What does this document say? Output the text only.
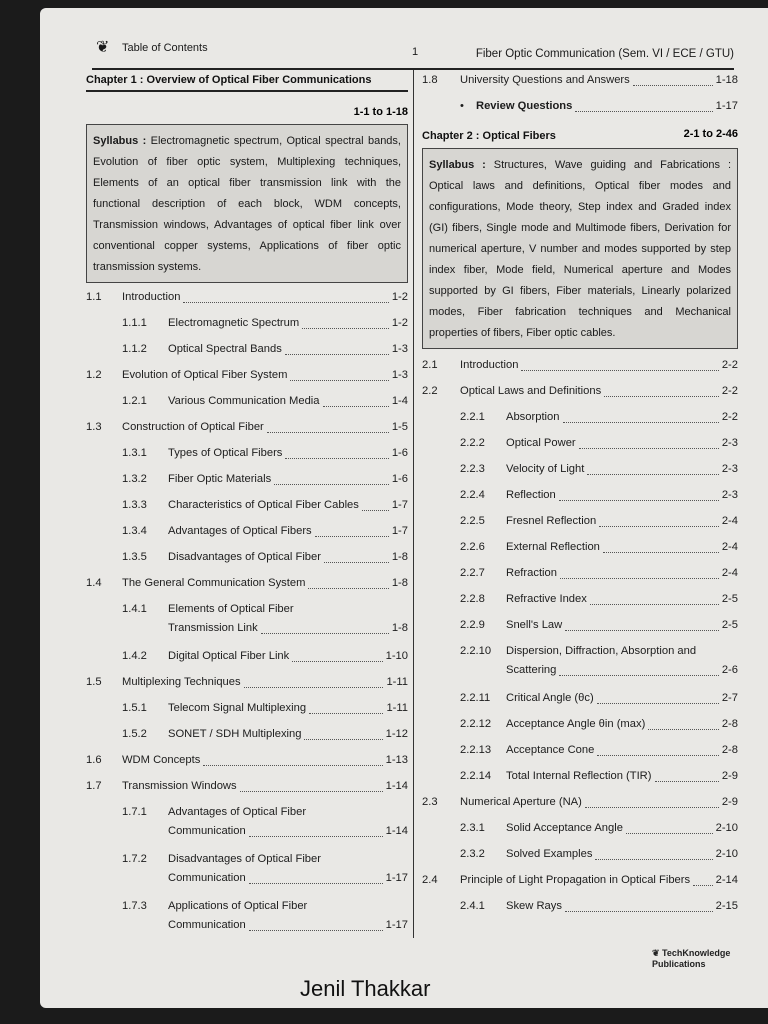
❦ Table of Contents	1	Fiber Optic Communication (Sem. VI / ECE / GTU)
Chapter 1 : Overview of Optical Fiber Communications
1-1 to 1-18
Syllabus : Electromagnetic spectrum, Optical spectral bands, Evolution of fiber optic system, Multiplexing techniques, Elements of an optical fiber transmission link with the functional description of each block, WDM concepts, Transmission windows, Advantages of optical fiber link over conventional copper systems, Applications of fiber optic transmission systems.
1.1 Introduction	1-2
1.1.1 Electromagnetic Spectrum	1-2
1.1.2 Optical Spectral Bands	1-3
1.2 Evolution of Optical Fiber System	1-3
1.2.1 Various Communication Media	1-4
1.3 Construction of Optical Fiber	1-5
1.3.1 Types of Optical Fibers	1-6
1.3.2 Fiber Optic Materials	1-6
1.3.3 Characteristics of Optical Fiber Cables	1-7
1.3.4 Advantages of Optical Fibers	1-7
1.3.5 Disadvantages of Optical Fiber	1-8
1.4 The General Communication System	1-8
1.4.1 Elements of Optical Fiber
Transmission Link	1-8
1.4.2 Digital Optical Fiber Link	1-10
1.5 Multiplexing Techniques	1-11
1.5.1 Telecom Signal Multiplexing	1-11
1.5.2 SONET / SDH Multiplexing	1-12
1.6 WDM Concepts	1-13
1.7 Transmission Windows	1-14
1.7.1 Advantages of Optical Fiber
Communication	1-14
1.7.2 Disadvantages of Optical Fiber
Communication	1-17
1.7.3 Applications of Optical Fiber
Communication	1-17
1.8 University Questions and Answers	1-18
• Review Questions	1-17
Chapter 2 : Optical Fibers	2-1 to 2-46
Syllabus : Structures, Wave guiding and Fabrications : Optical laws and definitions, Optical fiber modes and configurations, Mode theory, Step index and Graded index (GI) fibers, Single mode and Multimode fibers, Derivation for numerical aperture, V number and modes supported by step index fiber, Mode field, Numerical aperture and Modes supported by GI fibers, Fiber materials, Linearly polarized modes, Fiber fabrication techniques and Mechanical properties of fibers, Fiber optic cables.
2.1 Introduction	2-2
2.2 Optical Laws and Definitions	2-2
2.2.1 Absorption	2-2
2.2.2 Optical Power	2-3
2.2.3 Velocity of Light	2-3
2.2.4 Reflection	2-3
2.2.5 Fresnel Reflection	2-4
2.2.6 External Reflection	2-4
2.2.7 Refraction	2-4
2.2.8 Refractive Index	2-5
2.2.9 Snell's Law	2-5
2.2.10 Dispersion, Diffraction, Absorption and
Scattering	2-6
2.2.11 Critical Angle (θc)	2-7
2.2.12 Acceptance Angle θin (max)	2-8
2.2.13 Acceptance Cone	2-8
2.2.14 Total Internal Reflection (TIR)	2-9
2.3 Numerical Aperture (NA)	2-9
2.3.1 Solid Acceptance Angle	2-10
2.3.2 Solved Examples	2-10
2.4 Principle of Light Propagation in Optical Fibers 2-14
2.4.1 Skew Rays	2-15
Jenil Thakkar
❦ TechKnowledge Publications
